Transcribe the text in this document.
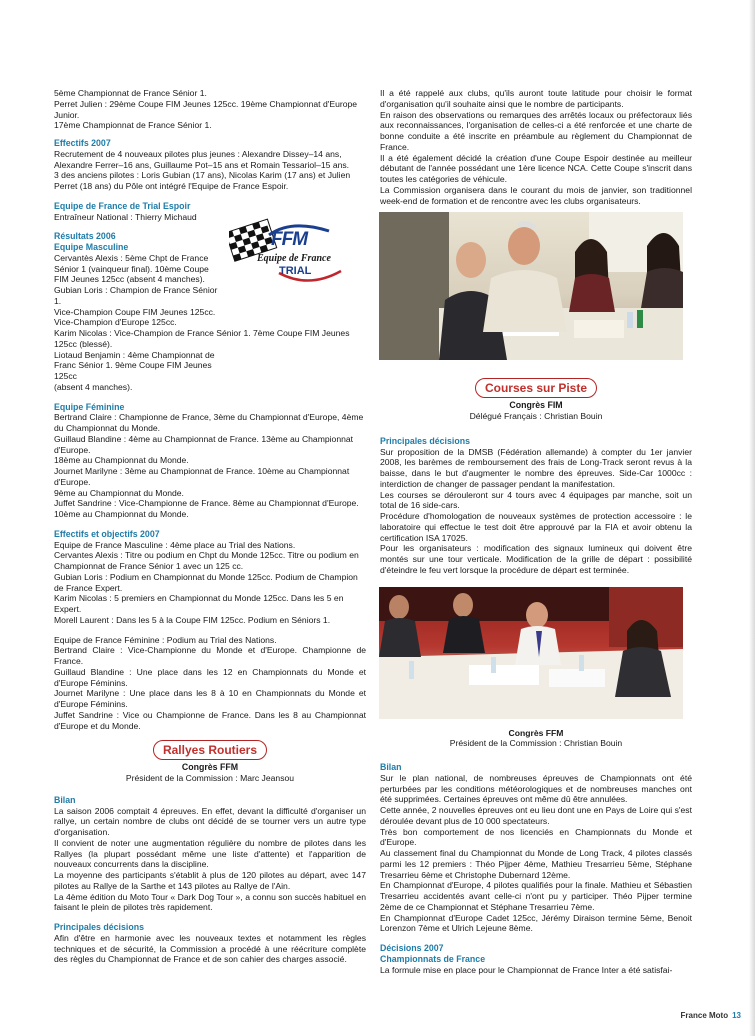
5ème Championnat de France Sénior 1.

Perret Julien : 29ème Coupe FIM Jeunes 125cc. 19ème Championnat d'Europe Junior.

17ème Championnat de France Sénior 1.

Effectifs 2007

Recrutement de 4 nouveaux pilotes plus jeunes : Alexandre Dissey–14 ans, Alexandre Ferrer–16 ans, Guillaume Pot–15 ans et Romain Tessariol–15 ans.

3 des anciens pilotes : Loris Gubian (17 ans), Nicolas Karim (17 ans) et Julien Perret (18 ans) du Pôle ont intégré l'Equipe de France Espoir.

Equipe de France de Trial Espoir

Entraîneur National : Thierry Michaud

Résultats 2006
Equipe Masculine

Cervantès Alexis : 5ème Chpt de France Sénior 1 (vainqueur final). 10ème Coupe FIM Jeunes 125cc (absent 4 manches).

Gubian Loris : Champion de France Sénior 1.

Vice-Champion Coupe FIM Jeunes 125cc.

Vice-Champion d'Europe 125cc.

Karim Nicolas : Vice-Champion de France Sénior 1. 7ème Coupe FIM Jeunes 125cc (blessé).

Liotaud Benjamin : 4ème Championnat de Franc Sénior 1. 9ème Coupe FIM Jeunes 125cc

(absent 4 manches).

Equipe Féminine

Bertrand Claire : Championne de France, 3ème du Championnat d'Europe, 4ème du Championnat du Monde.

Guillaud Blandine : 4ème au Championnat de France. 13ème au Championnat d'Europe.

18ème au Championnat du Monde.

Journet Marilyne : 3ème au Championnat de France. 10ème au Championnat d'Europe.

9ème au Championnat du Monde.

Juffet Sandrine : Vice-Championne de France. 8ème au Championnat d'Europe.

10ème au Championnat du Monde.

Effectifs et objectifs 2007

Equipe de France Masculine : 4ème place au Trial des Nations.

Cervantes Alexis : Titre ou podium en Chpt du Monde 125cc. Titre ou podium en Championnat de France Sénior 1 avec un 125 cc.

Gubian Loris : Podium en Championnat du Monde 125cc. Podium de Champion de France Expert.

Karim Nicolas : 5 premiers en Championnat du Monde 125cc. Dans les 5 en Expert.

Morell Laurent : Dans les 5 à la Coupe FIM 125cc. Podium en Séniors 1.

Equipe de France Féminine : Podium au Trial des Nations.

Bertrand Claire : Vice-Championne du Monde et d'Europe. Championne de France.

Guillaud Blandine : Une place dans les 12 en Championnats du Monde et d'Europe Féminins.

Journet Marilyne : Une place dans les 8 à 10 en Championnats du Monde et d'Europe Féminins.

Juffet Sandrine : Vice ou Championne de France. Dans les 8 au Championnat d'Europe et du Monde.

Rallyes Routiers
Congrès FFM
Président de la Commission : Marc Jeansou
Bilan

La saison 2006 comptait 4 épreuves. En effet, devant la difficulté d'organiser un rallye, un certain nombre de clubs ont décidé de se tourner vers un autre type d'organisation.

Il convient de noter une augmentation régulière du nombre de pilotes dans les Rallyes (la plupart possédant même une liste d'attente) et l'apparition de nouveaux concurrents dans la discipline.

La moyenne des participants s'établit à plus de 120 pilotes au départ, avec 147 pilotes au Rallye de la Sarthe et 143 pilotes au Rallye de l'Ain.

La 4ème édition du Moto Tour « Dark Dog Tour », a connu son succès habituel en faisant le plein de pilotes très rapidement.

Principales décisions

Afin d'être en harmonie avec les nouveaux textes et notamment les règles techniques et de sécurité, la Commission a procédé à une réécriture complète des règles du Championnat de France et de son cahier des charges associé.

FFM
Equipe de France
TRIAL

Il a été rappelé aux clubs, qu'ils auront toute latitude pour choisir le format d'organisation qu'il souhaite ainsi que le nombre de participants.

En raison des observations ou remarques des arrêtés locaux ou préfectoraux liés aux reconnaissances, l'organisation de celles-ci a été renforcée et une charte de bonne conduite a été inscrite en préambule au règlement du Championnat de France.

Il a été également décidé la création d'une Coupe Espoir destinée au meilleur débutant de l'année possédant une 1ère licence NCA. Cette Coupe s'inscrit dans toutes les catégories de véhicule.

La Commission organisera dans le courant du mois de janvier, son traditionnel week-end de formation et de rencontre avec les clubs organisateurs.

Courses sur Piste
Congrès FIM
Délégué Français : Christian Bouin
Principales décisions

Sur proposition de la DMSB (Fédération allemande) à compter du 1er janvier 2008, les barèmes de remboursement des frais de Long-Track seront revus à la baisse, dans le but d'augmenter le nombre des épreuves. Side-Car 1000cc : interdiction de changer de passager pendant la manifestation.

Les courses se dérouleront sur 4 tours avec 4 équipages par manche, soit un total de 16 side-cars.

Procédure d'homologation de nouveaux systèmes de protection accessoire : le laboratoire qui effectue le test doit être approuvé par la FIA et avoir obtenu la certification ISA 17025.

Pour les organisateurs : modification des signaux lumineux qui doivent être montés sur une tour verticale. Modification de la grille de départ : possibilité d'éteindre le feu vert lorsque la procédure de départ est terminée.

Congrès FFM
Président de la Commission : Christian Bouin
Bilan

Sur le plan national, de nombreuses épreuves de Championnats ont été perturbées par les conditions météorologiques et de nombreuses manches ont été supprimées. Certaines épreuves ont même dû être annulées.

Cette année, 2 nouvelles épreuves ont eu lieu dont une en Pays de Loire qui s'est déroulée devant plus de 10 000 spectateurs.

Très bon comportement de nos licenciés en Championnats du Monde et d'Europe.

Au classement final du Championnat du Monde de Long Track, 4 pilotes classés parmi les 12 premiers : Théo Pijper 4ème, Mathieu Tresarrieu 5ème, Stéphane Tresarrieu 6ème et Christophe Dubernard 12ème.

En Championnat d'Europe, 4 pilotes qualifiés pour la finale. Mathieu et Sébastien Tresarrieu accidentés avant celle-ci n'ont pu y participer. Théo Pijper termine 2ème de ce Championnat et Stéphane Tresarrieu 7ème.

En Championnat d'Europe Cadet 125cc, Jérémy Diraison termine 5ème, Benoit Lorenzon 7ème et Ulrich Lejeune 8ème.

Décisions 2007
Championnats de France

La formule mise en place pour le Championnat de France Inter a été satisfai-

France Moto 13
